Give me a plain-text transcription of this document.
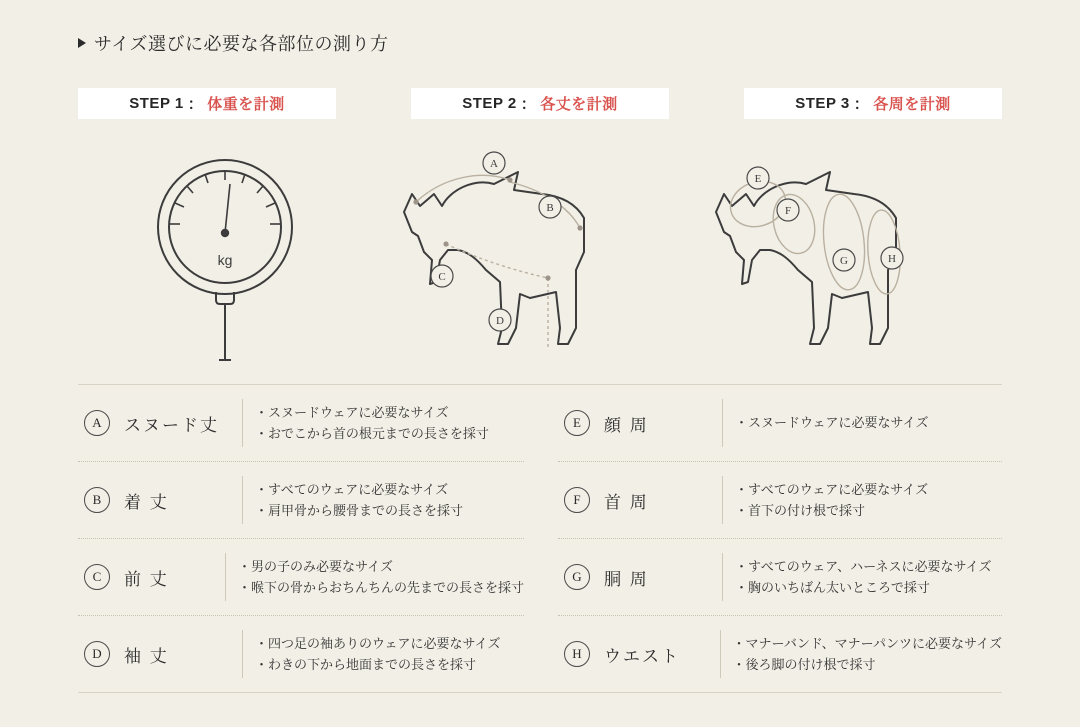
サイズ選びに必要な各部位の測り方
STEP 1 ： 体重を計測	STEP 2 ： 各丈を計測	STEP 3 ： 各周を計測
kg
A
B
C
D
E
F
G	H
A	スヌード丈
・スヌードウェアに必要なサイズ
・おでこから首の根元までの長さを採寸
B	着 丈
・すべてのウェアに必要なサイズ
・肩甲骨から腰骨までの長さを採寸
C	前 丈
・男の子のみ必要なサイズ
・喉下の骨からおちんちんの先までの長さを採寸
D	袖 丈
・四つ足の袖ありのウェアに必要なサイズ
・わきの下から地面までの長さを採寸
E	顔 周	・スヌードウェアに必要なサイズ
F	首 周
・すべてのウェアに必要なサイズ
・首下の付け根で採寸
G	胴 周
・すべてのウェア、ハーネスに必要なサイズ
・胸のいちばん太いところで採寸
H	ウエスト
・マナーバンド、マナーパンツに必要なサイズ
・後ろ脚の付け根で採寸
